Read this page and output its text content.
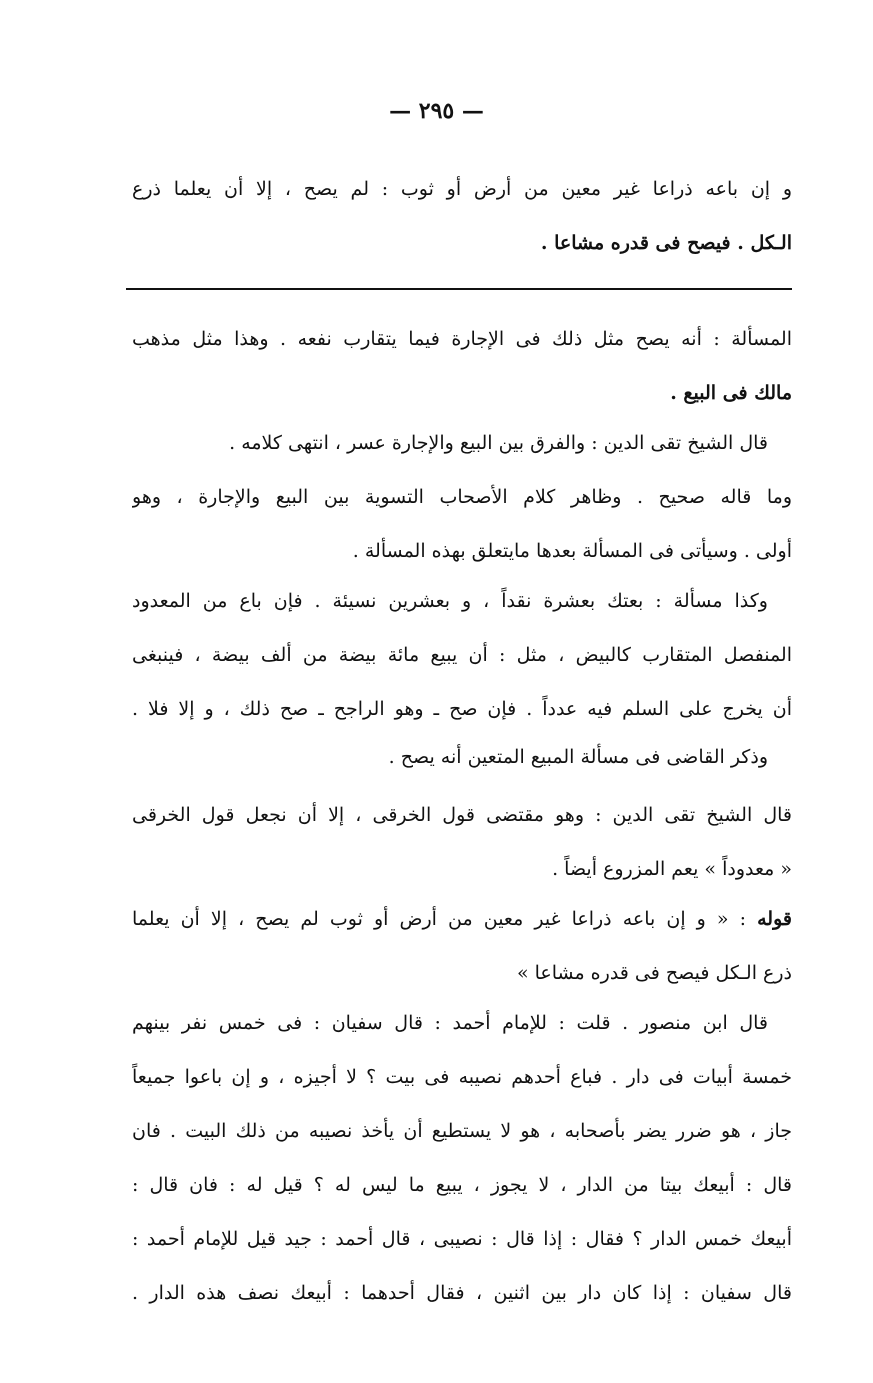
— ٢٩٥ —
و إن باعه ذراعا غير معين من أرض أو ثوب : لم يصح ، إلا أن يعلما ذرع
الـكل . فيصح فى قدره مشاعا .
المسألة : أنه يصح مثل ذلك فى الإجارة فيما يتقارب نفعه . وهذا مثل مذهب
مالك فى البيع .
قال الشيخ تقى الدين : والفرق بين البيع والإجارة عسر ، انتهى كلامه .
وما قاله صحيح . وظاهر كلام الأصحاب التسوية بين البيع والإجارة ، وهو
أولى . وسيأتى فى المسألة بعدها مايتعلق بهذه المسألة .
وكذا مسألة : بعتك بعشرة نقداً ، و بعشرين نسيئة . فإن باع من المعدود
المنفصل المتقارب كالبيض ، مثل : أن يبيع مائة بيضة من ألف بيضة ، فينبغى
أن يخرج على السلم فيه عدداً . فإن صح ـ وهو الراجح ـ صح ذلك ، و إلا فلا .
وذكر القاضى فى مسألة المبيع المتعين أنه يصح .
قال الشيخ تقى الدين : وهو مقتضى قول الخرقى ، إلا أن نجعل قول الخرقى
« معدوداً » يعم المزروع أيضاً .
قوله : « و إن باعه ذراعا غير معين من أرض أو ثوب لم يصح ، إلا أن يعلما
ذرع الـكل فيصح فى قدره مشاعا »
قال ابن منصور . قلت : للإمام أحمد : قال سفيان : فى خمس نفر بينهم
خمسة أبيات فى دار . فباع أحدهم نصيبه فى بيت ؟ لا أجيزه ، و إن باعوا جميعاً
جاز ، هو ضرر يضر بأصحابه ، هو لا يستطيع أن يأخذ نصيبه من ذلك البيت . فان
قال : أبيعك بيتا من الدار ، لا يجوز ، يبيع ما ليس له ؟ قيل له : فان قال :
أبيعك خمس الدار ؟ فقال : إذا قال : نصيبى ، قال أحمد : جيد قيل للإمام أحمد :
قال سفيان : إذا كان دار بين اثنين ، فقال أحدهما : أبيعك نصف هذه الدار .
